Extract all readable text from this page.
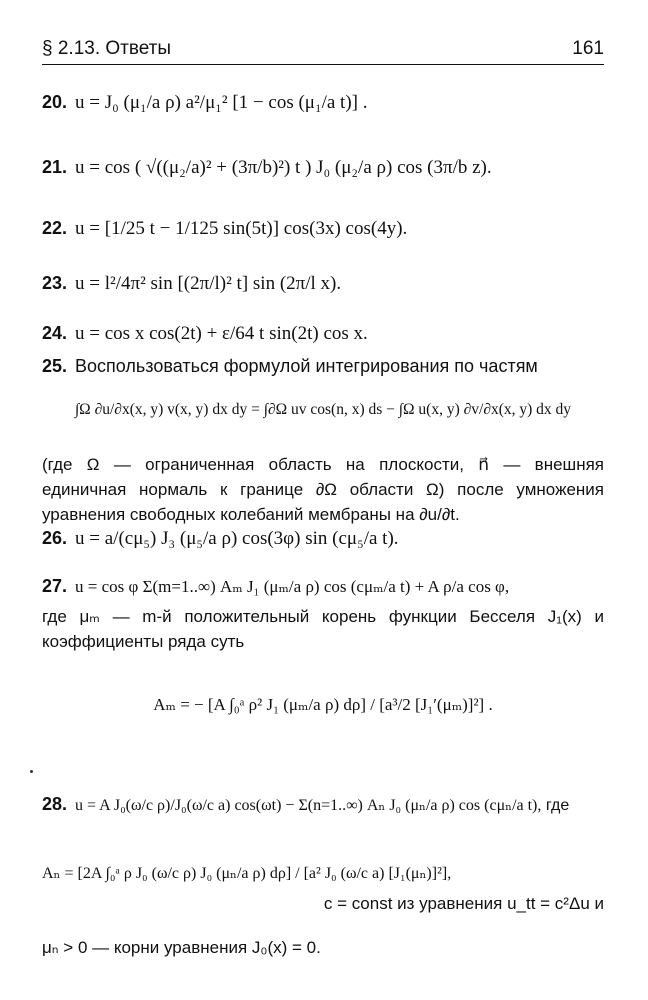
§ 2.13. Ответы	161
20. u = J₀ (μ₁/a ρ) a²/μ₁² [1 − cos (μ₁/a t)] .
21. u = cos ( √((μ₂/a)² + (3π/b)²) t ) J₀ (μ₂/a ρ) cos (3π/b z).
22. u = [1/25 t − 1/125 sin(5t)] cos(3x) cos(4y).
23. u = l²/4π² sin [(2π/l)² t] sin (2π/l x).
24. u = cos x cos(2t) + ε/64 t sin(2t) cos x.
25. Воспользоваться формулой интегрирования по частям
∫Ω ∂u/∂x(x, y) v(x, y) dx dy = ∫∂Ω uv cos(n, x) ds − ∫Ω u(x, y) ∂v/∂x(x, y) dx dy
(где Ω — ограниченная область на плоскости, n⃗ — внешняя единичная нормаль к границе ∂Ω области Ω) после умножения уравнения свободных колебаний мембраны на ∂u/∂t.
26. u = a/(cμ₅) J₃ (μ₅/a ρ) cos(3φ) sin (cμ₅/a t).
27. u = cos φ Σ(m=1..∞) Aₘ J₁ (μₘ/a ρ) cos (cμₘ/a t) + A ρ/a cos φ,
где μₘ — m-й положительный корень функции Бесселя J₁(x) и коэффициенты ряда суть
Aₘ = − [A ∫₀ᵃ ρ² J₁ (μₘ/a ρ) dρ] / [a³/2 [J₁′(μₘ)]²] .
28. u = A J₀(ω/c ρ)/J₀(ω/c a) cos(ωt) − Σ(n=1..∞) Aₙ J₀ (μₙ/a ρ) cos (cμₙ/a t), где
Aₙ = [2A ∫₀ᵃ ρ J₀ (ω/c ρ) J₀ (μₙ/a ρ) dρ] / [a² J₀ (ω/c a) [J₁(μₙ)]²],
c = const из уравнения u_tt = c²Δu и
μₙ > 0 — корни уравнения J₀(x) = 0.
